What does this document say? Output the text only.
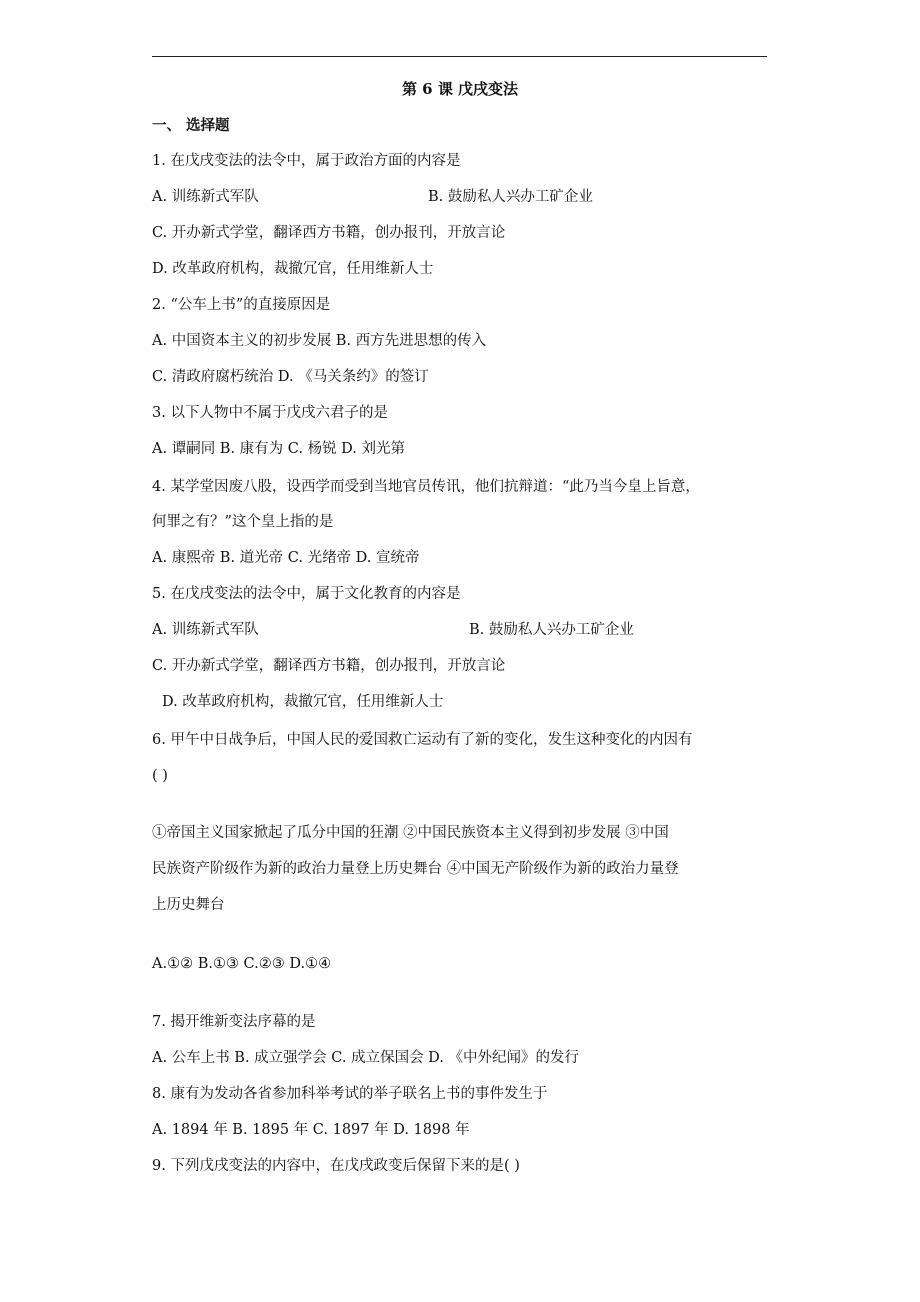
第 6 课 戊戌变法
一、 选择题
1. 在戊戌变法的法令中，属于政治方面的内容是
A. 训练新式军队	B. 鼓励私人兴办工矿企业
C. 开办新式学堂，翻译西方书籍，创办报刊，开放言论
D. 改革政府机构，裁撤冗官，任用维新人士
2. “公车上书”的直接原因是
A. 中国资本主义的初步发展 B. 西方先进思想的传入
C. 清政府腐朽统治 D. 《马关条约》的签订
3. 以下人物中不属于戊戌六君子的是
A. 谭嗣同 B. 康有为 C. 杨锐 D. 刘光第
4. 某学堂因废八股，设西学而受到当地官员传讯，他们抗辩道：“此乃当今皇上旨意，
何罪之有？”这个皇上指的是
A. 康熙帝 B. 道光帝 C. 光绪帝 D. 宣统帝
5. 在戊戌变法的法令中，属于文化教育的内容是
A. 训练新式军队	B. 鼓励私人兴办工矿企业
C. 开办新式学堂，翻译西方书籍，创办报刊，开放言论
D. 改革政府机构，裁撤冗官，任用维新人士
6. 甲午中日战争后，中国人民的爱国救亡运动有了新的变化，发生这种变化的内因有
( )
①帝国主义国家掀起了瓜分中国的狂潮 ②中国民族资本主义得到初步发展 ③中国
民族资产阶级作为新的政治力量登上历史舞台 ④中国无产阶级作为新的政治力量登
上历史舞台
A.①② B.①③ C.②③ D.①④
7. 揭开维新变法序幕的是
A. 公车上书 B. 成立强学会 C. 成立保国会 D. 《中外纪闻》的发行
8. 康有为发动各省参加科举考试的举子联名上书的事件发生于
A. 1894 年 B. 1895 年 C. 1897 年 D. 1898 年
9. 下列戊戌变法的内容中，在戊戌政变后保留下来的是( )
